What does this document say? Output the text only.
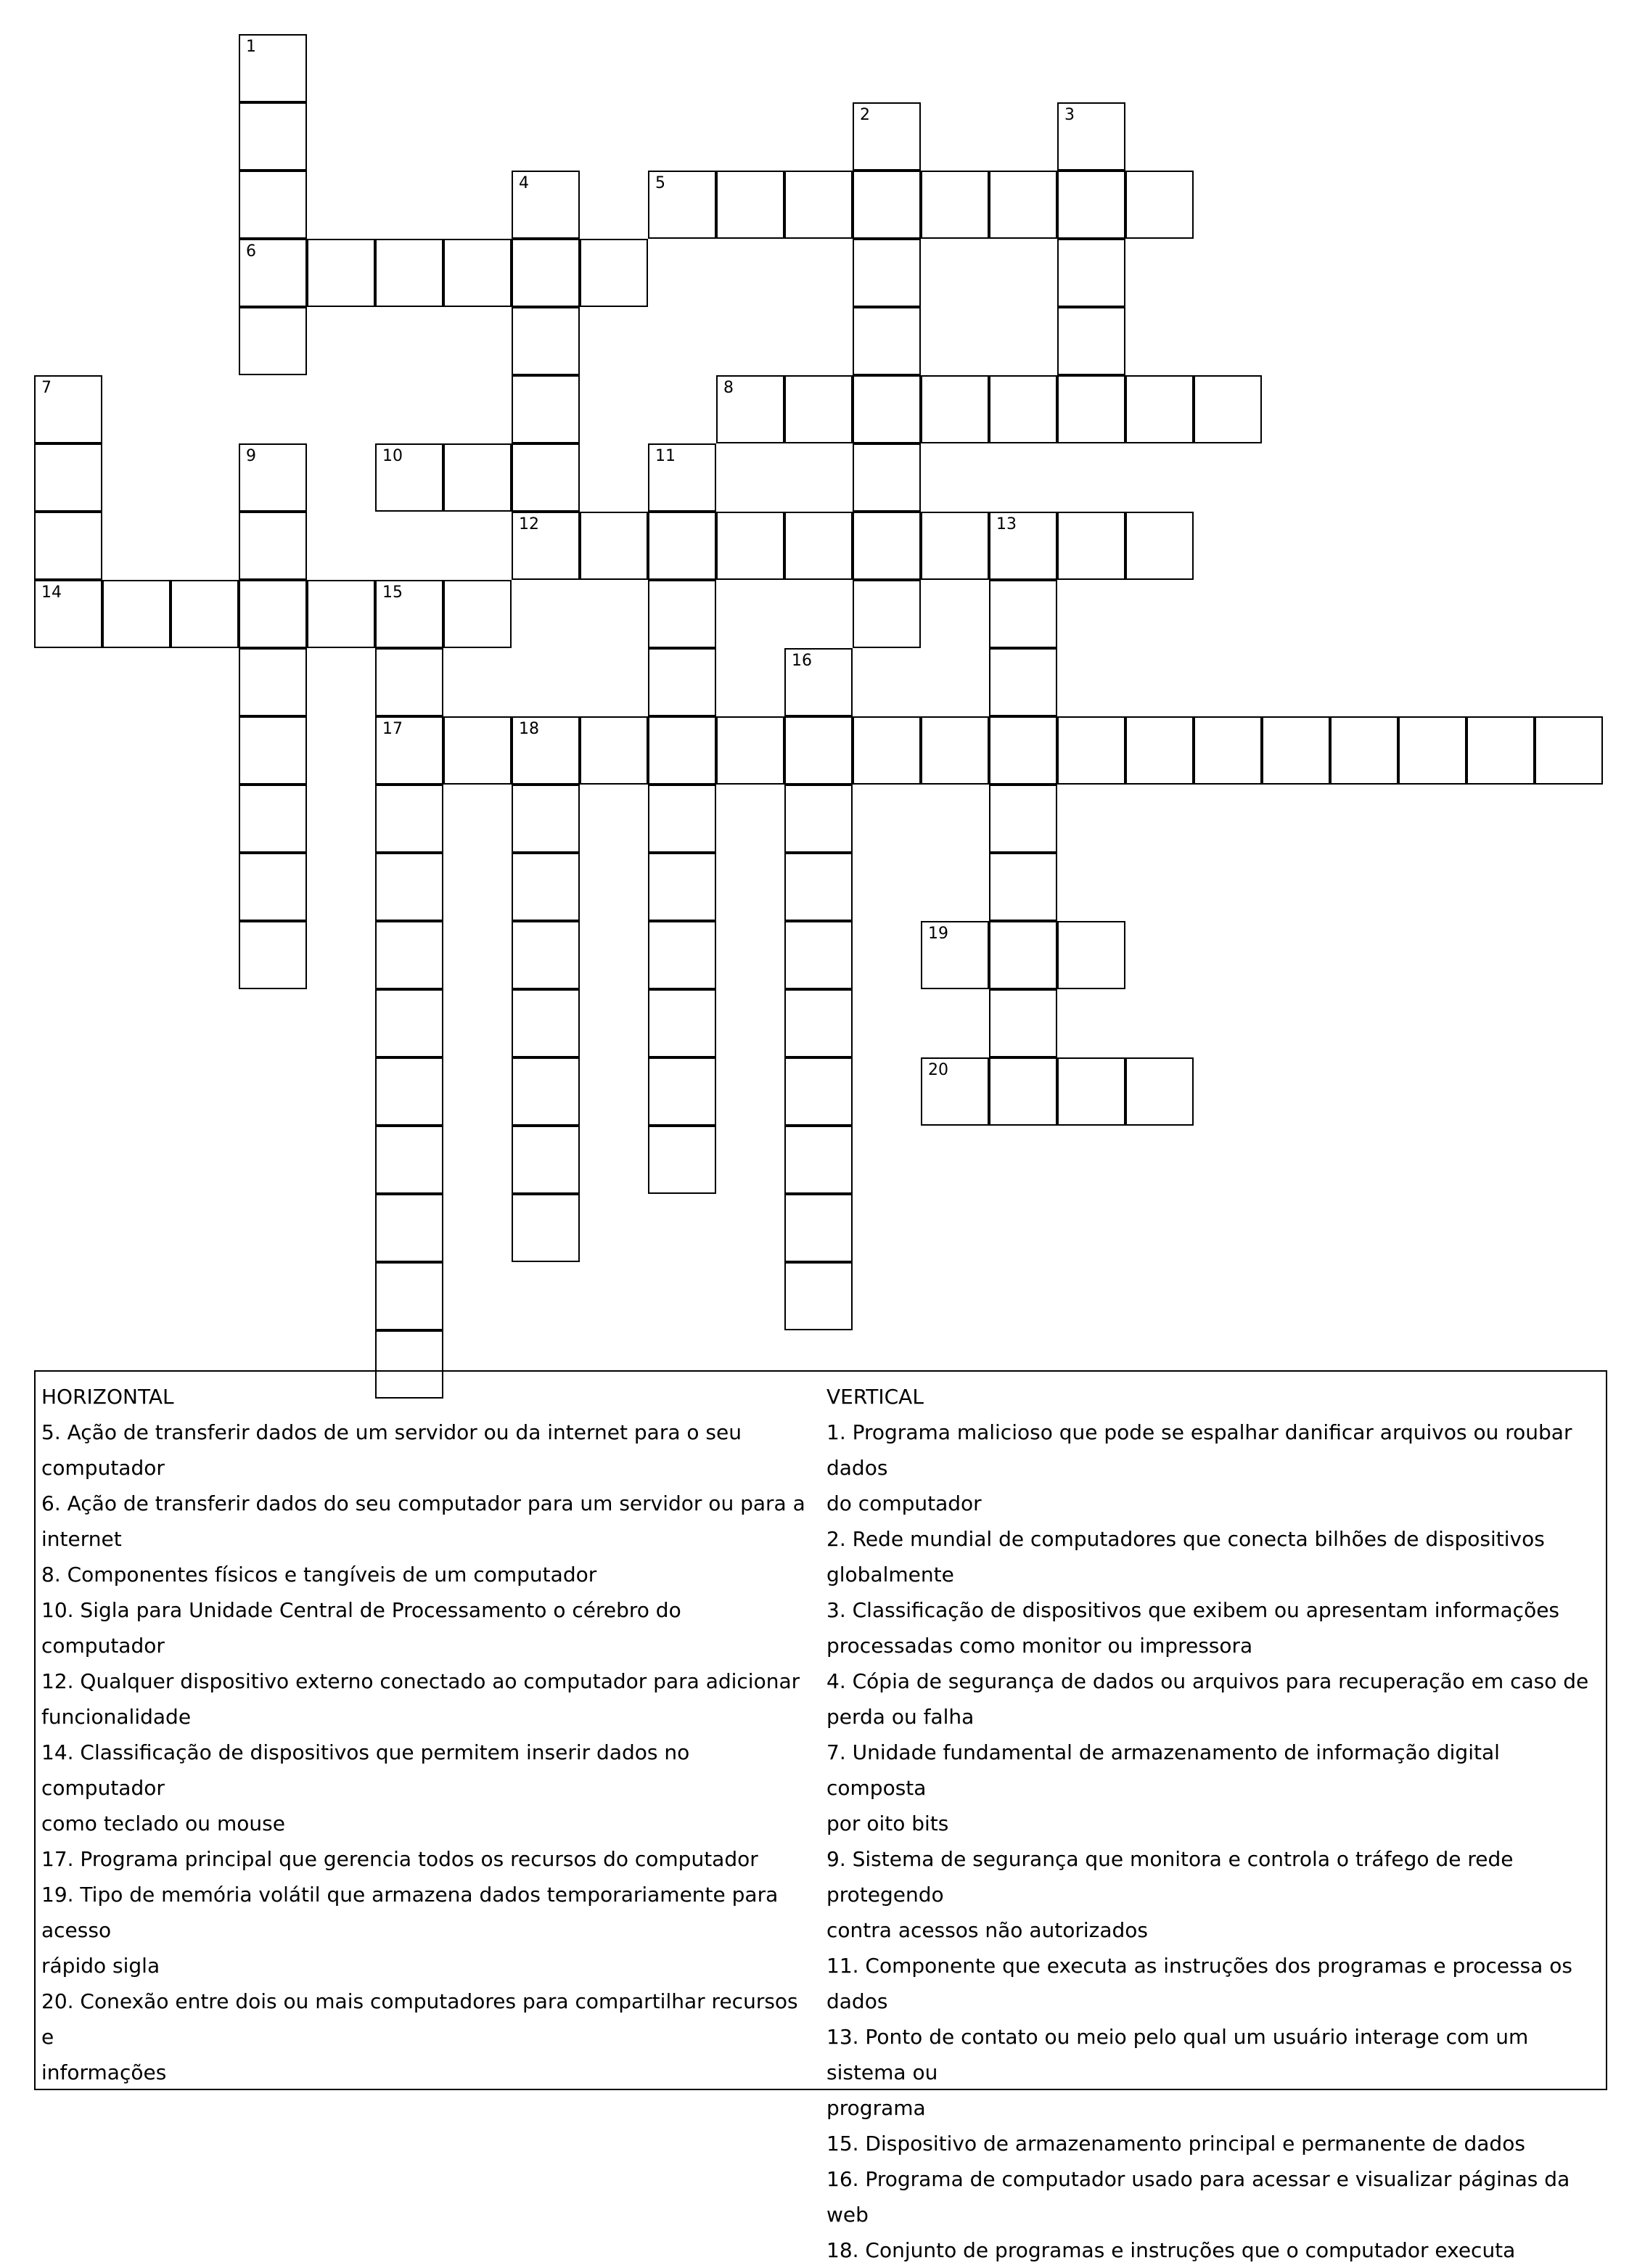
1
6
2	3
4	5
7
14
8
9	10	11
12	13
15
17
16
18
19
20
HORIZONTAL
5. Ação de transferir dados de um servidor ou da internet para o seu
computador
6. Ação de transferir dados do seu computador para um servidor ou para a
internet
8. Componentes físicos e tangíveis de um computador
10. Sigla para Unidade Central de Processamento o cérebro do computador
12. Qualquer dispositivo externo conectado ao computador para adicionar
funcionalidade
14. Classificação de dispositivos que permitem inserir dados no computador
como teclado ou mouse
17. Programa principal que gerencia todos os recursos do computador
19. Tipo de memória volátil que armazena dados temporariamente para acesso
rápido sigla
20. Conexão entre dois ou mais computadores para compartilhar recursos e
informações
VERTICAL
1. Programa malicioso que pode se espalhar danificar arquivos ou roubar dados
do computador
2. Rede mundial de computadores que conecta bilhões de dispositivos
globalmente
3. Classificação de dispositivos que exibem ou apresentam informações
processadas como monitor ou impressora
4. Cópia de segurança de dados ou arquivos para recuperação em caso de
perda ou falha
7. Unidade fundamental de armazenamento de informação digital composta
por oito bits
9. Sistema de segurança que monitora e controla o tráfego de rede protegendo
contra acessos não autorizados
11. Componente que executa as instruções dos programas e processa os dados
13. Ponto de contato ou meio pelo qual um usuário interage com um sistema ou
programa
15. Dispositivo de armazenamento principal e permanente de dados
16. Programa de computador usado para acessar e visualizar páginas da web
18. Conjunto de programas e instruções que o computador executa
